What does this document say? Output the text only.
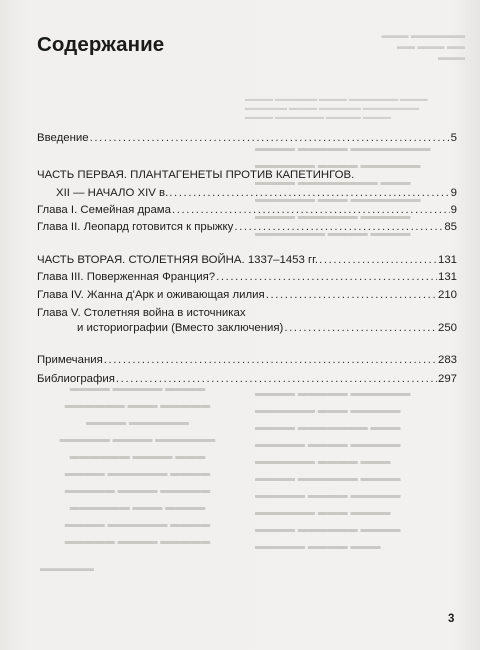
▬▬▬ ▬▬▬▬▬▬
▬▬ ▬▬▬ ▬▬
▬▬▬
▬▬▬▬ ▬▬▬▬▬▬ ▬▬▬▬ ▬▬▬▬▬▬▬ ▬▬▬▬
▬▬▬▬▬▬ ▬▬▬▬ ▬▬▬▬▬▬ ▬▬▬▬▬▬▬▬
▬▬▬▬ ▬▬▬▬▬▬▬ ▬▬▬▬▬ ▬▬▬▬
▬▬▬▬ ▬▬▬▬▬ ▬▬▬▬▬▬▬▬
▬▬▬▬▬▬ ▬▬▬▬ ▬▬▬▬▬▬
▬▬▬▬ ▬▬▬▬▬▬▬▬ ▬▬▬
▬▬▬▬▬▬ ▬▬▬ ▬▬▬▬▬▬▬
▬▬▬▬ ▬▬▬▬▬▬ ▬▬▬▬▬
▬▬▬▬▬▬▬ ▬▬▬▬ ▬▬▬▬
▬▬▬▬ ▬▬▬▬▬ ▬▬▬▬
▬▬▬▬▬▬ ▬▬▬ ▬▬▬▬▬
▬▬▬▬ ▬▬▬▬▬▬
▬▬▬▬▬ ▬▬▬▬ ▬▬▬▬▬▬
▬▬▬▬▬▬ ▬▬▬▬ ▬▬▬
▬▬▬▬ ▬▬▬▬▬▬ ▬▬▬▬
▬▬▬▬▬ ▬▬▬▬ ▬▬▬▬▬
▬▬▬▬▬▬ ▬▬▬ ▬▬▬▬
▬▬▬▬ ▬▬▬▬▬▬ ▬▬▬▬
▬▬▬▬▬ ▬▬▬▬ ▬▬▬▬▬
▬▬▬▬ ▬▬▬▬▬ ▬▬▬▬▬▬
▬▬▬▬▬▬ ▬▬▬ ▬▬▬▬▬
▬▬▬▬ ▬▬▬▬▬▬▬ ▬▬▬
▬▬▬▬▬ ▬▬▬▬ ▬▬▬▬▬
▬▬▬▬▬▬ ▬▬▬▬ ▬▬▬
▬▬▬▬ ▬▬▬▬▬▬ ▬▬▬▬
▬▬▬▬▬ ▬▬▬▬ ▬▬▬▬▬
▬▬▬▬▬▬ ▬▬▬ ▬▬▬▬
▬▬▬▬ ▬▬▬▬▬▬ ▬▬▬▬
▬▬▬▬▬ ▬▬▬▬ ▬▬▬
▬▬▬▬▬▬
Содержание
Введение .....	5
ЧАСТЬ ПЕРВАЯ. ПЛАНТАГЕНЕТЫ ПРОТИВ КАПЕТИНГОВ.
XII — НАЧАЛО XIV в. .....	9
Глава I. Семейная драма .....	9
Глава II. Леопард готовится к прыжку .....	85
ЧАСТЬ ВТОРАЯ. СТОЛЕТНЯЯ ВОЙНА. 1337–1453 гг. .....	131
Глава III. Поверженная Франция? .....	131
Глава IV. Жанна д'Арк и оживающая лилия .....	210
Глава V. Столетняя война в источниках
и историографии (Вместо заключения) .....	250
Примечания .....	283
Библиография .....	297
3
